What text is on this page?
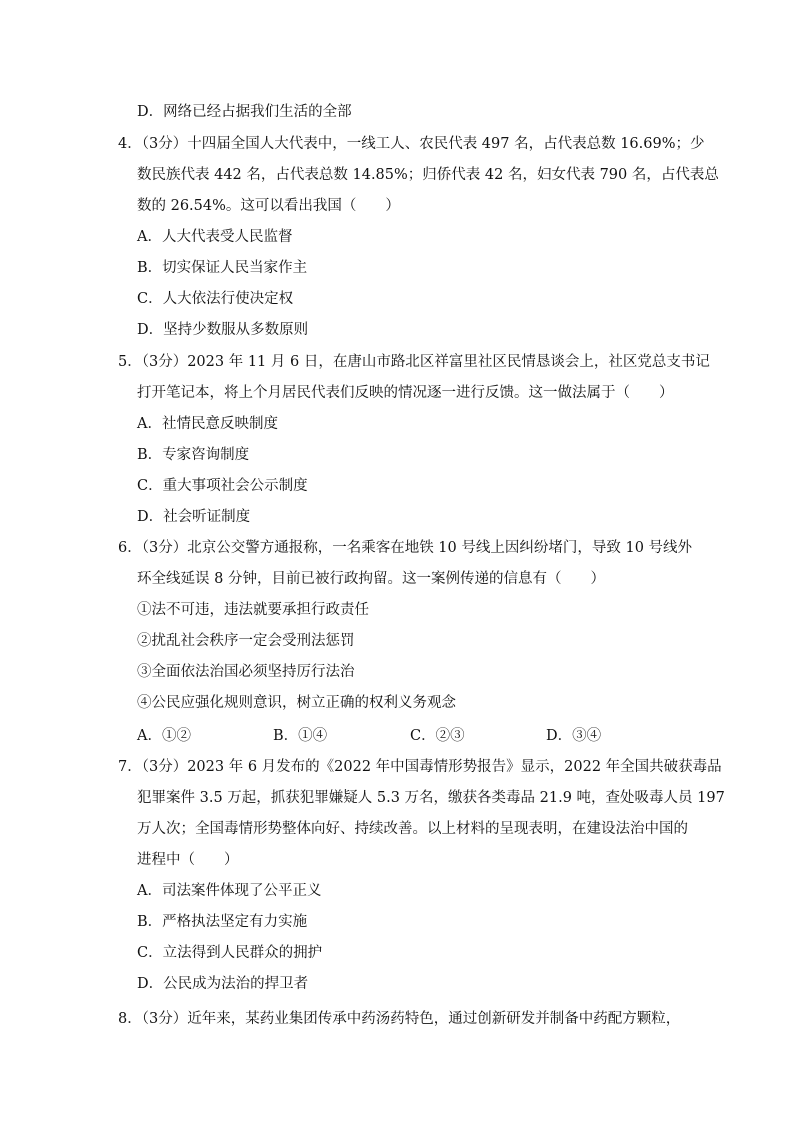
D．网络已经占据我们生活的全部
4．（3分）十四届全国人大代表中，一线工人、农民代表 497 名，占代表总数 16.69%；少
数民族代表 442 名，占代表总数 14.85%；归侨代表 42 名，妇女代表 790 名，占代表总
数的 26.54%。这可以看出我国（　　）
A．人大代表受人民监督
B．切实保证人民当家作主
C．人大依法行使决定权
D．坚持少数服从多数原则
5．（3分）2023 年 11 月 6 日，在唐山市路北区祥富里社区民情恳谈会上，社区党总支书记
打开笔记本，将上个月居民代表们反映的情况逐一进行反馈。这一做法属于（　　）
A．社情民意反映制度
B．专家咨询制度
C．重大事项社会公示制度
D．社会听证制度
6．（3分）北京公交警方通报称，一名乘客在地铁 10 号线上因纠纷堵门，导致 10 号线外
环全线延误 8 分钟，目前已被行政拘留。这一案例传递的信息有（　　）
①法不可违，违法就要承担行政责任
②扰乱社会秩序一定会受刑法惩罚
③全面依法治国必须坚持厉行法治
④公民应强化规则意识，树立正确的权利义务观念
A．①②	B．①④	C．②③	D．③④
7．（3分）2023 年 6 月发布的《2022 年中国毒情形势报告》显示，2022 年全国共破获毒品
犯罪案件 3.5 万起，抓获犯罪嫌疑人 5.3 万名，缴获各类毒品 21.9 吨，查处吸毒人员 197
万人次；全国毒情形势整体向好、持续改善。以上材料的呈现表明，在建设法治中国的
进程中（　　）
A．司法案件体现了公平正义
B．严格执法坚定有力实施
C．立法得到人民群众的拥护
D．公民成为法治的捍卫者
8．（3分）近年来，某药业集团传承中药汤药特色，通过创新研发并制备中药配方颗粒，
